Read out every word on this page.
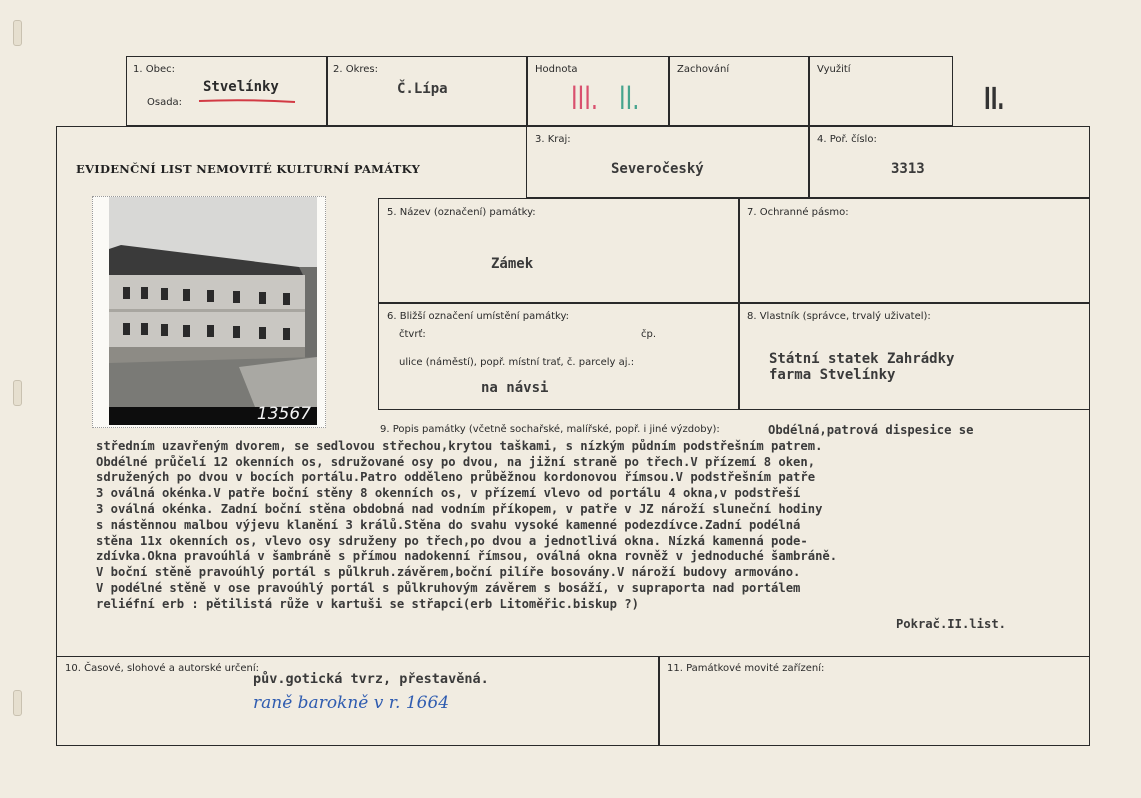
1. Obec:
Osada:
Stvelínky
2. Okres:
Č.Lípa
Hodnota
III. II.
Zachování	Využití
II.
EVIDENČNÍ LIST NEMOVITÉ KULTURNÍ PAMÁTKY
3. Kraj:
Severočeský
4. Poř. číslo:
3313
13567
5. Název (označení) památky:
Zámek
7. Ochranné pásmo:
6. Bližší označení umístění památky:
čtvrť:	čp.
ulice (náměstí), popř. místní trať, č. parcely aj.:
na návsi
8. Vlastník (správce, trvalý uživatel):
Státní statek Zahrádky
farma Stvelínky
9. Popis památky (včetně sochařské, malířské, popř. i jiné výzdoby):	Obdélná,patrová dispesice se
středním uzavřeným dvorem, se sedlovou střechou,krytou taškami, s nízkým půdním podstřešním patrem.
Obdélné průčelí 12 okenních os, sdružované osy po dvou, na jižní straně po třech.V přízemí 8 oken,
sdružených po dvou v bocích portálu.Patro odděleno průběžnou kordonovou římsou.V podstřešním patře
3 oválná okénka.V patře boční stěny 8 okenních os, v přízemí vlevo od portálu 4 okna,v podstřeší
3 oválná okénka. Zadní boční stěna obdobná nad vodním příkopem, v patře v JZ nároží sluneční hodiny
s nástěnnou malbou výjevu klanění 3 králů.Stěna do svahu vysoké kamenné podezdívce.Zadní podélná
stěna 11x okenních os, vlevo osy sdruženy po třech,po dvou a jednotlivá okna. Nízká kamenná pode-
zdívka.Okna pravoúhlá v šambráně s přímou nadokenní římsou, oválná okna rovněž v jednoduché šambráně.
V boční stěně pravoúhlý portál s půlkruh.závěrem,boční pilíře bosovány.V nároží budovy armováno.
V podélné stěně v ose pravoúhlý portál s půlkruhovým závěrem s bosáží, v supraporta nad portálem
reliéfní erb : pětilistá růže v kartuši se střapci(erb Litoměřic.biskup ?)
Pokrač.II.list.
10. Časové, slohové a autorské určení:
pův.gotická tvrz, přestavěná.
raně barokně v r. 1664
11. Památkové movité zařízení:
